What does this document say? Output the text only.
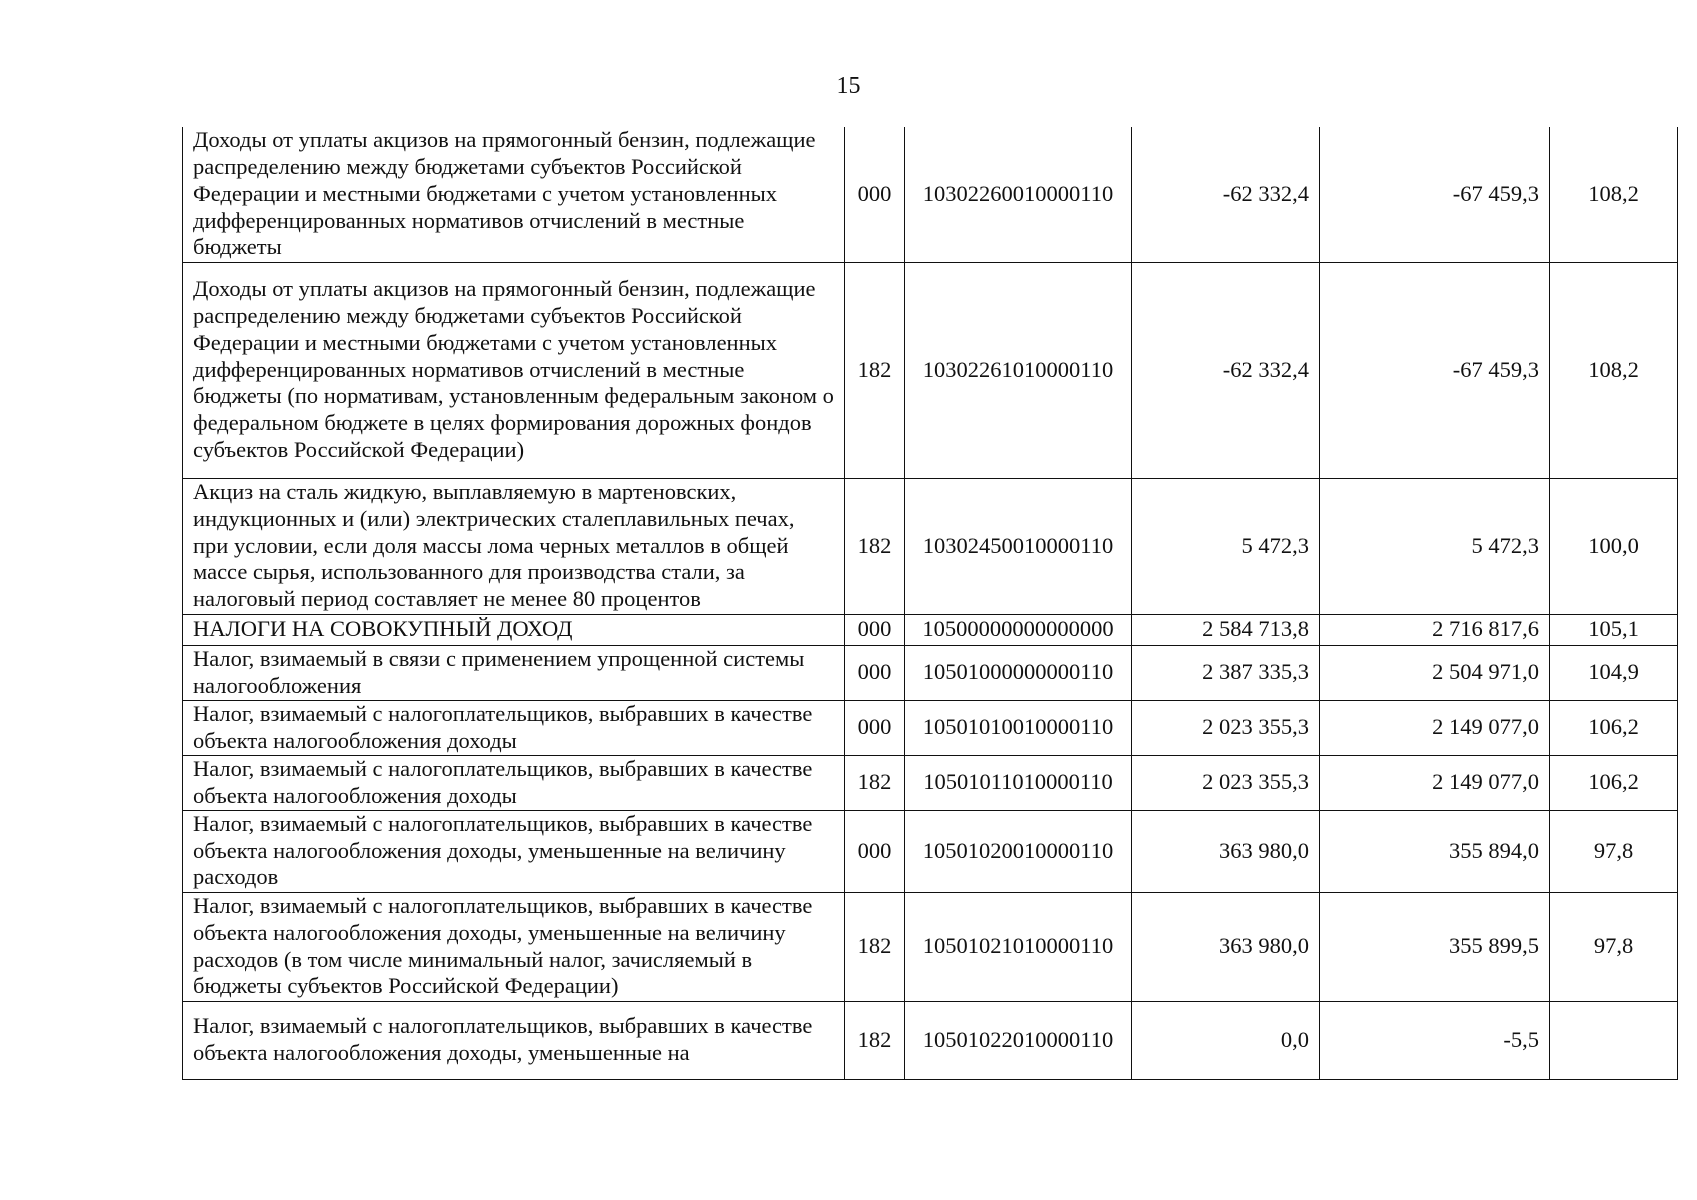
15
Доходы от уплаты акцизов на прямогонный бензин, подлежащие распределению между бюджетами субъектов Российской Федерации и местными бюджетами с учетом установленных дифференцированных нормативов отчислений в местные бюджеты	000	10302260010000110	-62 332,4	-67 459,3	108,2
Доходы от уплаты акцизов на прямогонный бензин, подлежащие распределению между бюджетами субъектов Российской Федерации и местными бюджетами с учетом установленных дифференцированных нормативов отчислений в местные бюджеты (по нормативам, установленным федеральным законом о федеральном бюджете в целях формирования дорожных фондов субъектов Российской Федерации)	182	10302261010000110	-62 332,4	-67 459,3	108,2
Акциз на сталь жидкую, выплавляемую в мартеновских, индукционных и (или) электрических сталеплавильных печах, при условии, если доля массы лома черных металлов в общей массе сырья, использованного для производства стали, за налоговый период составляет не менее 80 процентов	182	10302450010000110	5 472,3	5 472,3	100,0
НАЛОГИ НА СОВОКУПНЫЙ ДОХОД	000	10500000000000000	2 584 713,8	2 716 817,6	105,1
Налог, взимаемый в связи с применением упрощенной системы налогообложения	000	10501000000000110	2 387 335,3	2 504 971,0	104,9
Налог, взимаемый с налогоплательщиков, выбравших в качестве объекта налогообложения доходы	000	10501010010000110	2 023 355,3	2 149 077,0	106,2
Налог, взимаемый с налогоплательщиков, выбравших в качестве объекта налогообложения доходы	182	10501011010000110	2 023 355,3	2 149 077,0	106,2
Налог, взимаемый с налогоплательщиков, выбравших в качестве объекта налогообложения доходы, уменьшенные на величину расходов	000	10501020010000110	363 980,0	355 894,0	97,8
Налог, взимаемый с налогоплательщиков, выбравших в качестве объекта налогообложения доходы, уменьшенные на величину расходов (в том числе минимальный налог, зачисляемый в бюджеты субъектов Российской Федерации)	182	10501021010000110	363 980,0	355 899,5	97,8
Налог, взимаемый с налогоплательщиков, выбравших в качестве объекта налогообложения доходы, уменьшенные на	182	10501022010000110	0,0	-5,5	
